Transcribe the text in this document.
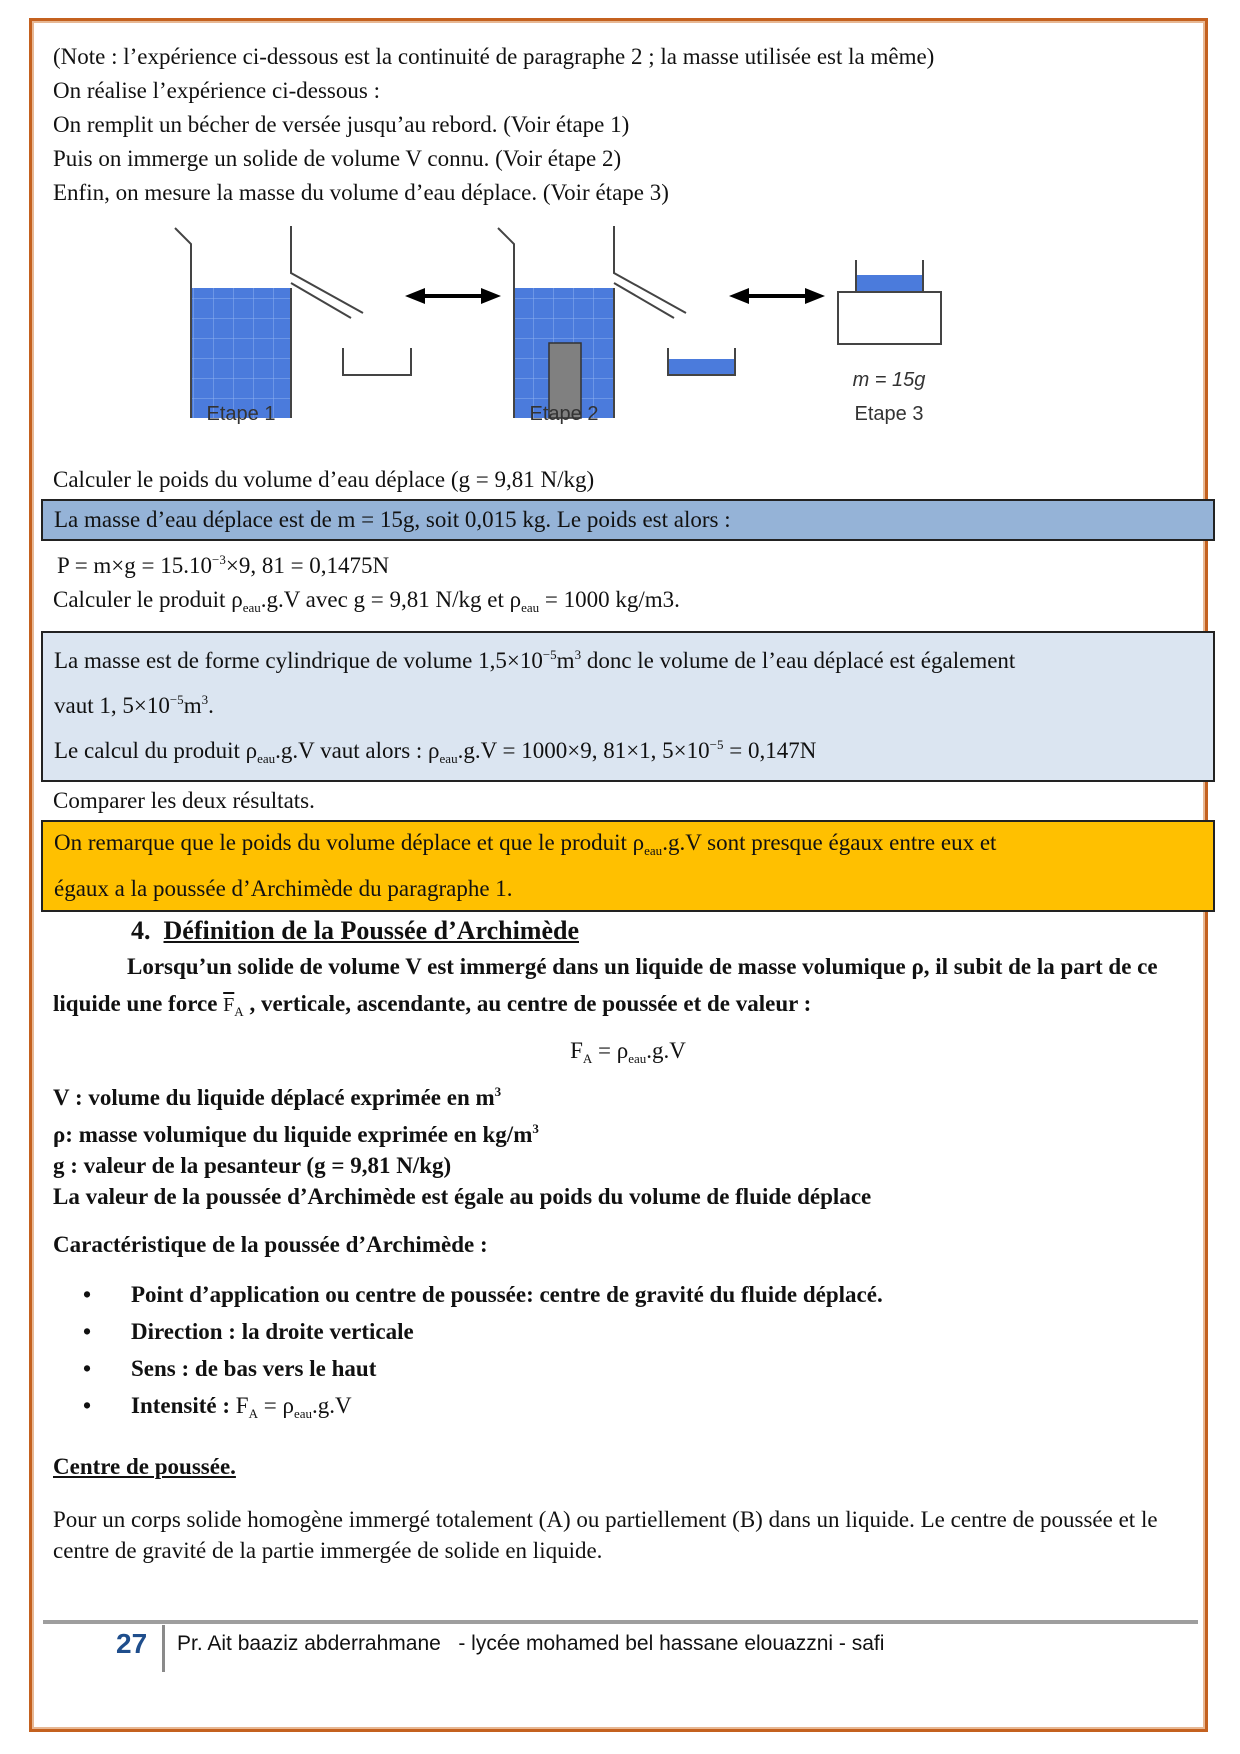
(Note : l’expérience ci-dessous est la continuité de paragraphe 2 ; la masse utilisée est la même)

On réalise l’expérience ci-dessous :

On remplit un bécher de versée jusqu’au rebord. (Voir étape 1)

Puis on immerge un solide de volume V connu. (Voir étape 2)

Enfin, on mesure la masse du volume d’eau déplace. (Voir étape 3)

m = 15g
Etape 1	Etape 2	Etape 3

Calculer le poids du volume d’eau déplace (g = 9,81 N/kg)

La masse d’eau déplace est de m = 15g, soit 0,015 kg. Le poids est alors :

$P = m\times g = 15.10^{-3}\times 9$, 81 = 0,1475N

Calculer le produit $\rho_{eau}.g.V$ avec g = 9,81 N/kg et $\rho_{eau} = 1000$ kg/m3.

La masse est de forme cylindrique de volume $1,5\times 10^{-5}m^3$ donc le volume de l’eau déplacé est également
vaut 1, $5\times 10^{-5}m^3$.
Le calcul du produit $\rho_{eau}.g.V$ vaut alors : $\rho_{eau}.g.V = 1000\times 9$, 81×1, $5\times 10^{-5} = 0,147N$

Comparer les deux résultats.

On remarque que le poids du volume déplace et que le produit $\rho_{eau}.g.V$ sont presque égaux entre eux et
égaux a la poussée d’Archimède du paragraphe 1.
4. Définition de la Poussée d’Archimède

Lorsqu’un solide de volume V est immergé dans un liquide de masse volumique ρ, il subit de la part de ce liquide une force $\overline{F}_A$ , verticale, ascendante, au centre de poussée et de valeur :

$F_A = \rho_{eau}.g.V$

V : volume du liquide déplacé exprimée en $m^3$

ρ: masse volumique du liquide exprimée en $kg/m^3$

g : valeur de la pesanteur (g = 9,81 N/kg)

La valeur de la poussée d’Archimède est égale au poids du volume de fluide déplace

Caractéristique de la poussée d’Archimède :

• Point d’application ou centre de poussée: centre de gravité du fluide déplacé.
• Direction : la droite verticale
• Sens : de bas vers le haut
• Intensité : $F_A = \rho_{eau}.g.V$

Centre de poussée.

Pour un corps solide homogène immergé totalement (A) ou partiellement (B) dans un liquide. Le centre de poussée et le centre de gravité de la partie immergée de solide en liquide.

27 Pr. Ait baaziz abderrahmane   - lycée mohamed bel hassane elouazzni - safi
